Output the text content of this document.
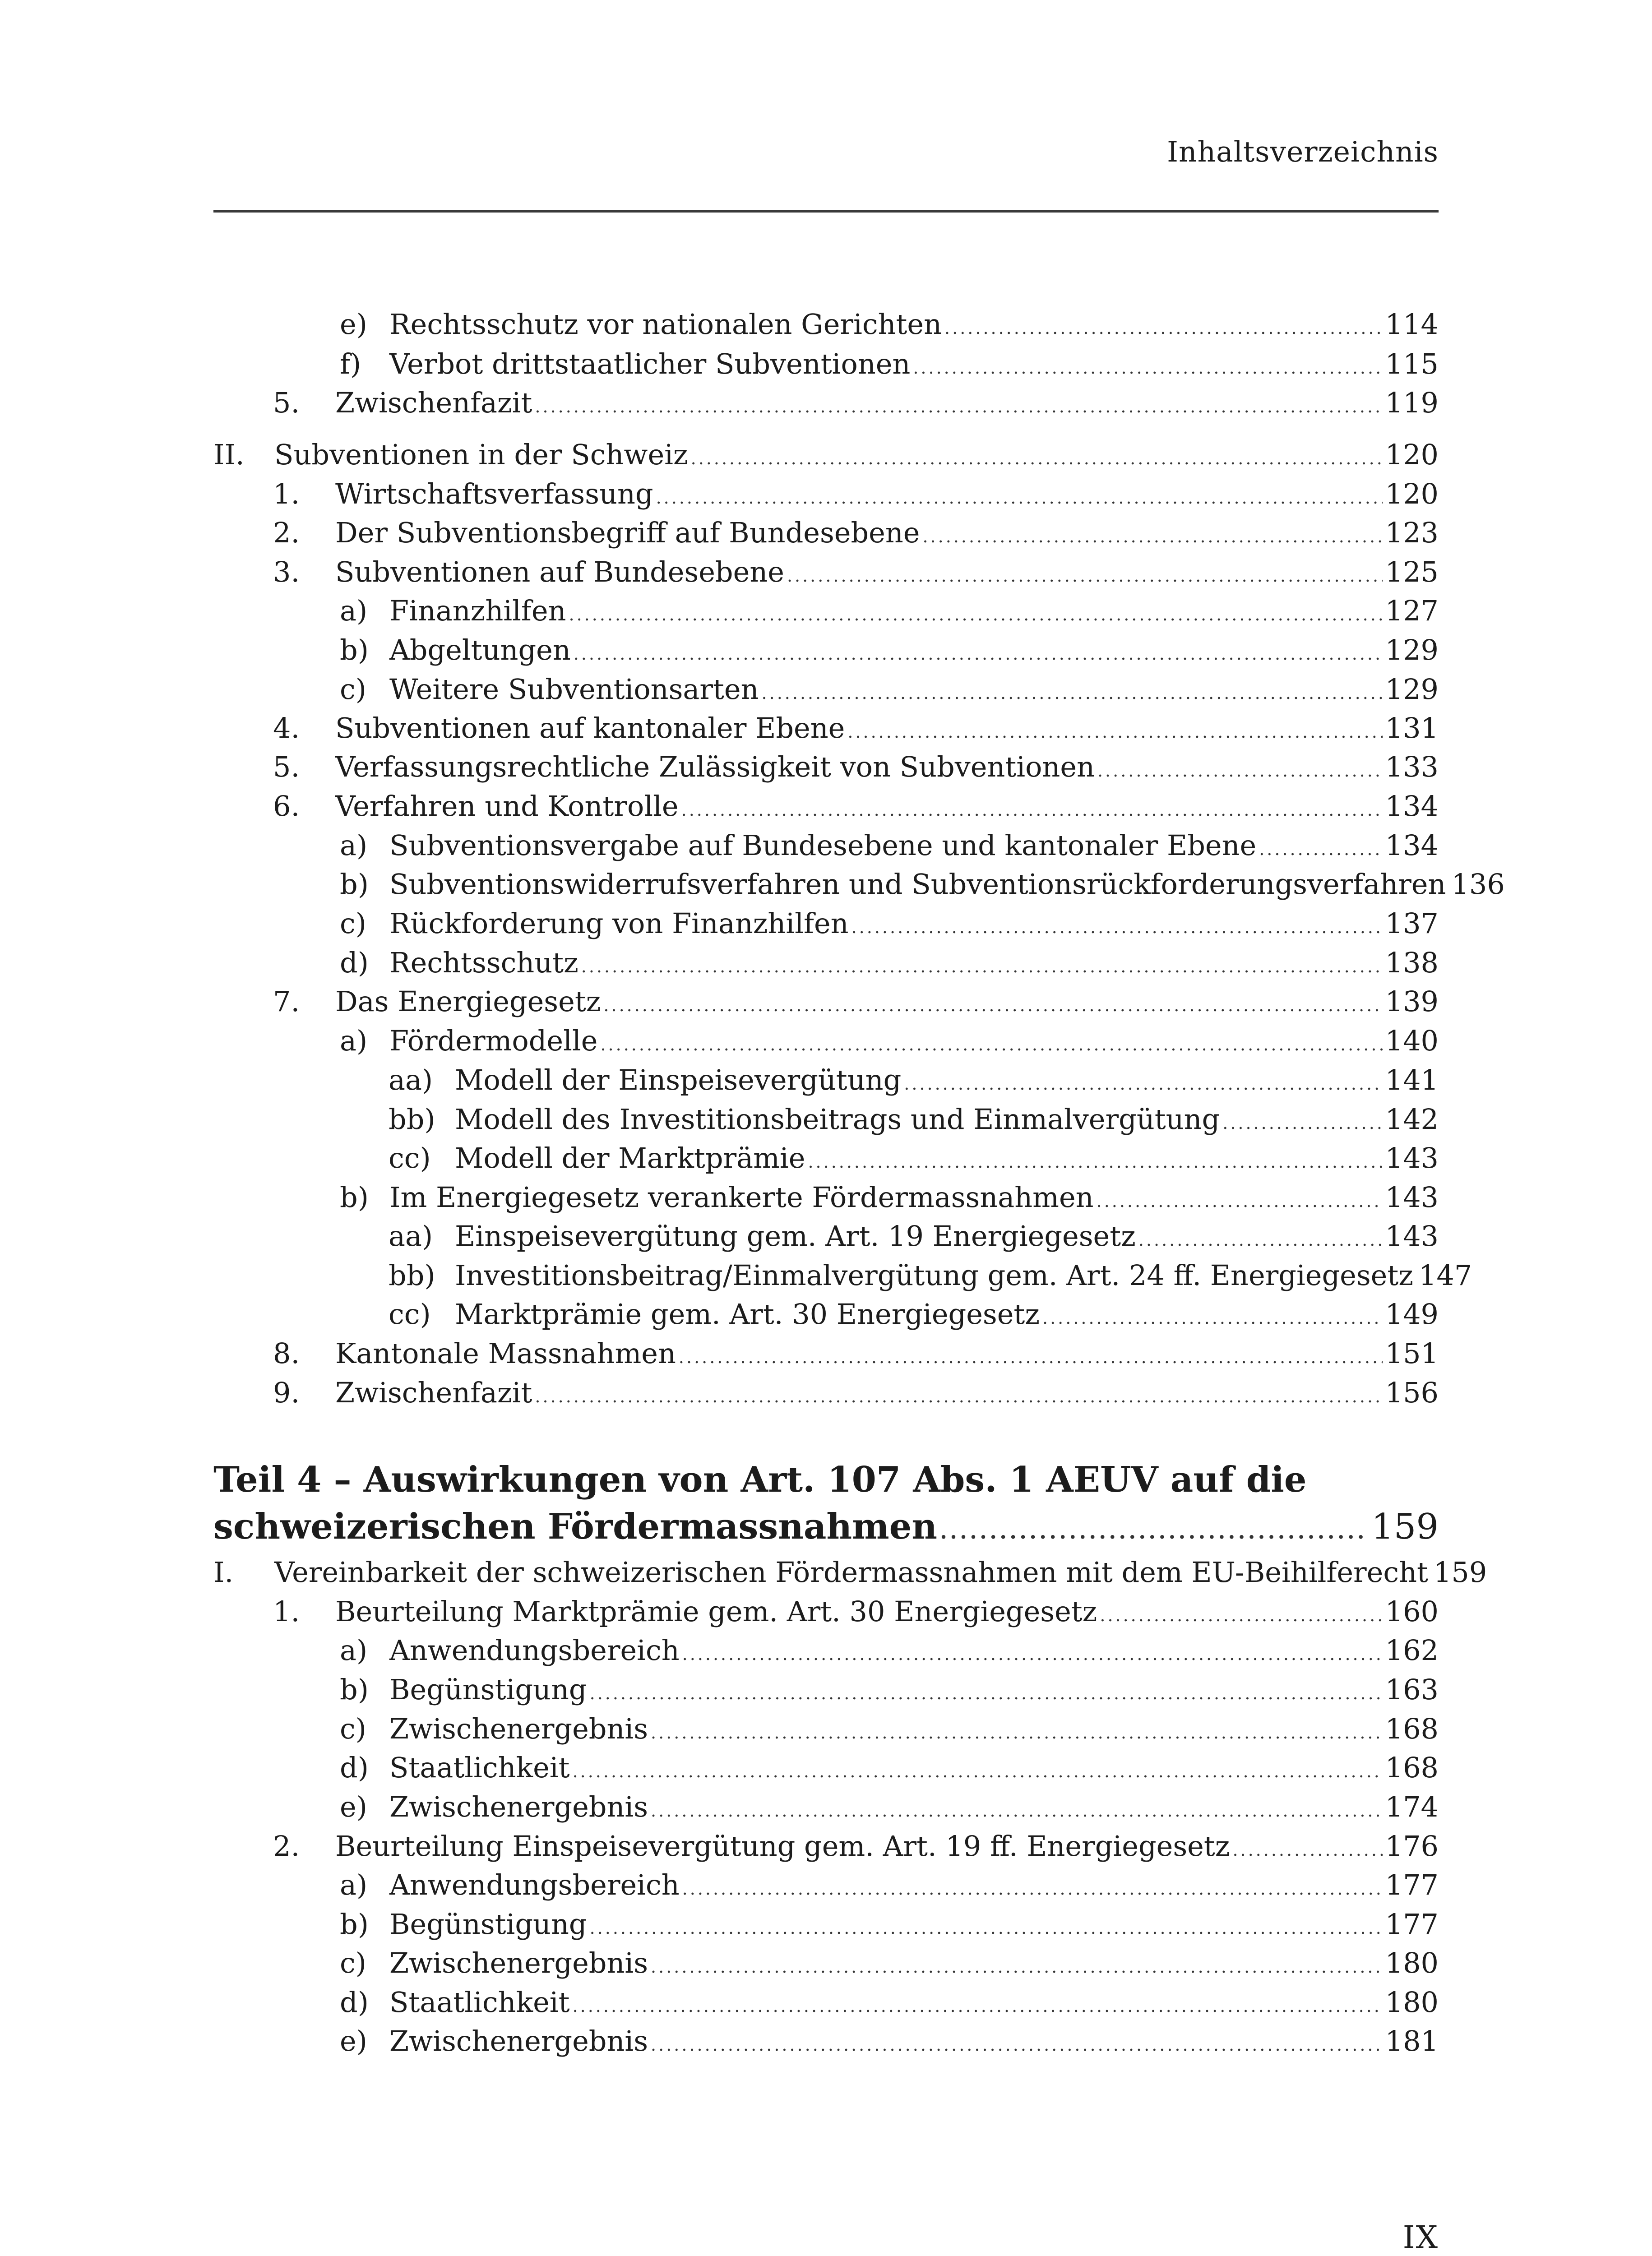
Inhaltsverzeichnis
e) Rechtsschutz vor nationalen Gerichten .....	114
f)	Verbot drittstaatlicher Subventionen .....	115
5.	Zwischenfazit .....	119
II.	Subventionen in der Schweiz .....	120
1.	Wirtschaftsverfassung .....	120
2.	Der Subventionsbegriff auf Bundesebene .....	123
3.	Subventionen auf Bundesebene .....	125
a) Finanzhilfen .....	127
b) Abgeltungen .....	129
c) Weitere Subventionsarten .....	129
4.	Subventionen auf kantonaler Ebene .....	131
5.	Verfassungsrechtliche Zulässigkeit von Subventionen .....	133
6.	Verfahren und Kontrolle .....	134
a) Subventionsvergabe auf Bundesebene und kantonaler Ebene .....	134
b) Subventionswiderrufsverfahren und Subventionsrückforderungsverfahren 136
c) Rückforderung von Finanzhilfen .....	137
d) Rechtsschutz .....	138
7.	Das Energiegesetz .....	139
a) Fördermodelle .....	140
aa) Modell der Einspeisevergütung .....	141
bb) Modell des Investitionsbeitrags und Einmalvergütung .....	142
cc) Modell der Marktprämie .....	143
b) Im Energiegesetz verankerte Fördermassnahmen .....	143
aa) Einspeisevergütung gem. Art. 19 Energiegesetz .....	143
bb) Investitionsbeitrag/Einmalvergütung gem. Art. 24 ff. Energiegesetz 147
cc) Marktprämie gem. Art. 30 Energiegesetz .....	149
8.	Kantonale Massnahmen .....	151
9.	Zwischenfazit .....	156
Teil 4 – Auswirkungen von Art. 107 Abs. 1 AEUV auf die
schweizerischen Fördermassnahmen .....	159
I.	Vereinbarkeit der schweizerischen Fördermassnahmen mit dem EU-Beihilferecht 159
1.	Beurteilung Marktprämie gem. Art. 30 Energiegesetz .....	160
a) Anwendungsbereich .....	162
b) Begünstigung .....	163
c) Zwischenergebnis .....	168
d) Staatlichkeit .....	168
e) Zwischenergebnis .....	174
2.	Beurteilung Einspeisevergütung gem. Art. 19 ff. Energiegesetz .....	176
a) Anwendungsbereich .....	177
b) Begünstigung .....	177
c) Zwischenergebnis .....	180
d) Staatlichkeit .....	180
e) Zwischenergebnis .....	181
IX
